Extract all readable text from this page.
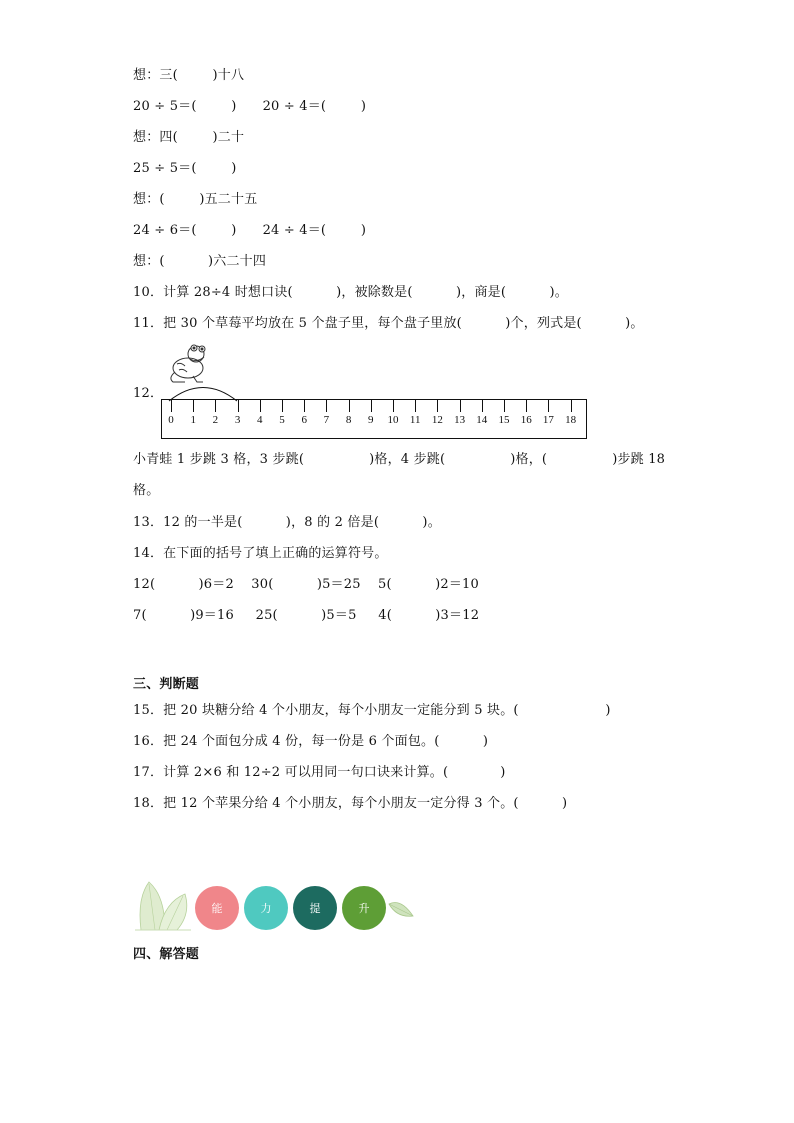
想：三(        )十八
20 ÷ 5＝(        )      20 ÷ 4＝(        )
想：四(        )二十
25 ÷ 5＝(        )
想：(        )五二十五
24 ÷ 6＝(        )      24 ÷ 4＝(        )
想：(          )六二十四
10．计算 28÷4 时想口诀(          )，被除数是(          )，商是(          )。
11．把 30 个草莓平均放在 5 个盘子里，每个盘子里放(          )个，列式是(          )。
12．
0	1	2	3	4	5	6	7	8	9	10	11	12	13	14	15	16	17	18
小青蛙 1 步跳 3 格，3 步跳(               )格，4 步跳(               )格，(               )步跳 18
格。
13．12 的一半是(          )，8 的 2 倍是(          )。
14．在下面的括号了填上正确的运算符号。
12(          )6＝2    30(          )5＝25    5(          )2＝10
7(          )9＝16     25(          )5＝5     4(          )3＝12
三、判断题
15．把 20 块糖分给 4 个小朋友，每个小朋友一定能分到 5 块。(                    )
16．把 24 个面包分成 4 份，每一份是 6 个面包。(          )
17．计算 2×6 和 12÷2 可以用同一句口诀来计算。(            )
18．把 12 个苹果分给 4 个小朋友，每个小朋友一定分得 3 个。(          )
能	力	提	升
四、解答题
